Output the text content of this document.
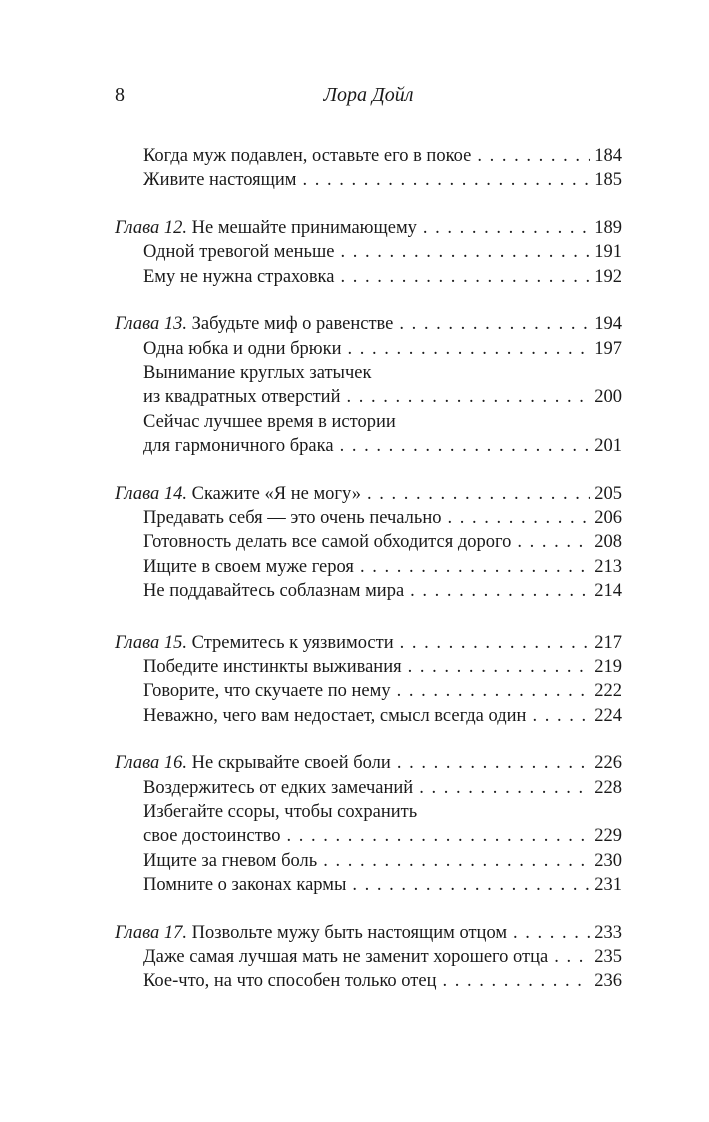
8	Лора Дойл
Когда муж подавлен, оставьте его в покое . . .	184
Живите настоящим . . .	185
Глава 12. Не мешайте принимающему . . .	189
Одной тревогой меньше . . .	191
Ему не нужна страховка . . .	192
Глава 13. Забудьте миф о равенстве . . .	194
Одна юбка и одни брюки . . .	197
Вынимание круглых затычек
из квадратных отверстий . . .	200
Сейчас лучшее время в истории
для гармоничного брака . . .	201
Глава 14. Скажите «Я не могу» . . .	205
Предавать себя — это очень печально . . .	206
Готовность делать все самой обходится дорого . . .	208
Ищите в своем муже героя . . .	213
Не поддавайтесь соблазнам мира . . .	214
Глава 15. Стремитесь к уязвимости . . .	217
Победите инстинкты выживания . . .	219
Говорите, что скучаете по нему . . .	222
Неважно, чего вам недостает, смысл всегда один . . .	224
Глава 16. Не скрывайте своей боли . . .	226
Воздержитесь от едких замечаний . . .	228
Избегайте ссоры, чтобы сохранить
свое достоинство . . .	229
Ищите за гневом боль . . .	230
Помните о законах кармы . . .	231
Глава 17. Позвольте мужу быть настоящим отцом . . .	233
Даже самая лучшая мать не заменит хорошего отца . . . 235
Кое-что, на что способен только отец . . .	236
